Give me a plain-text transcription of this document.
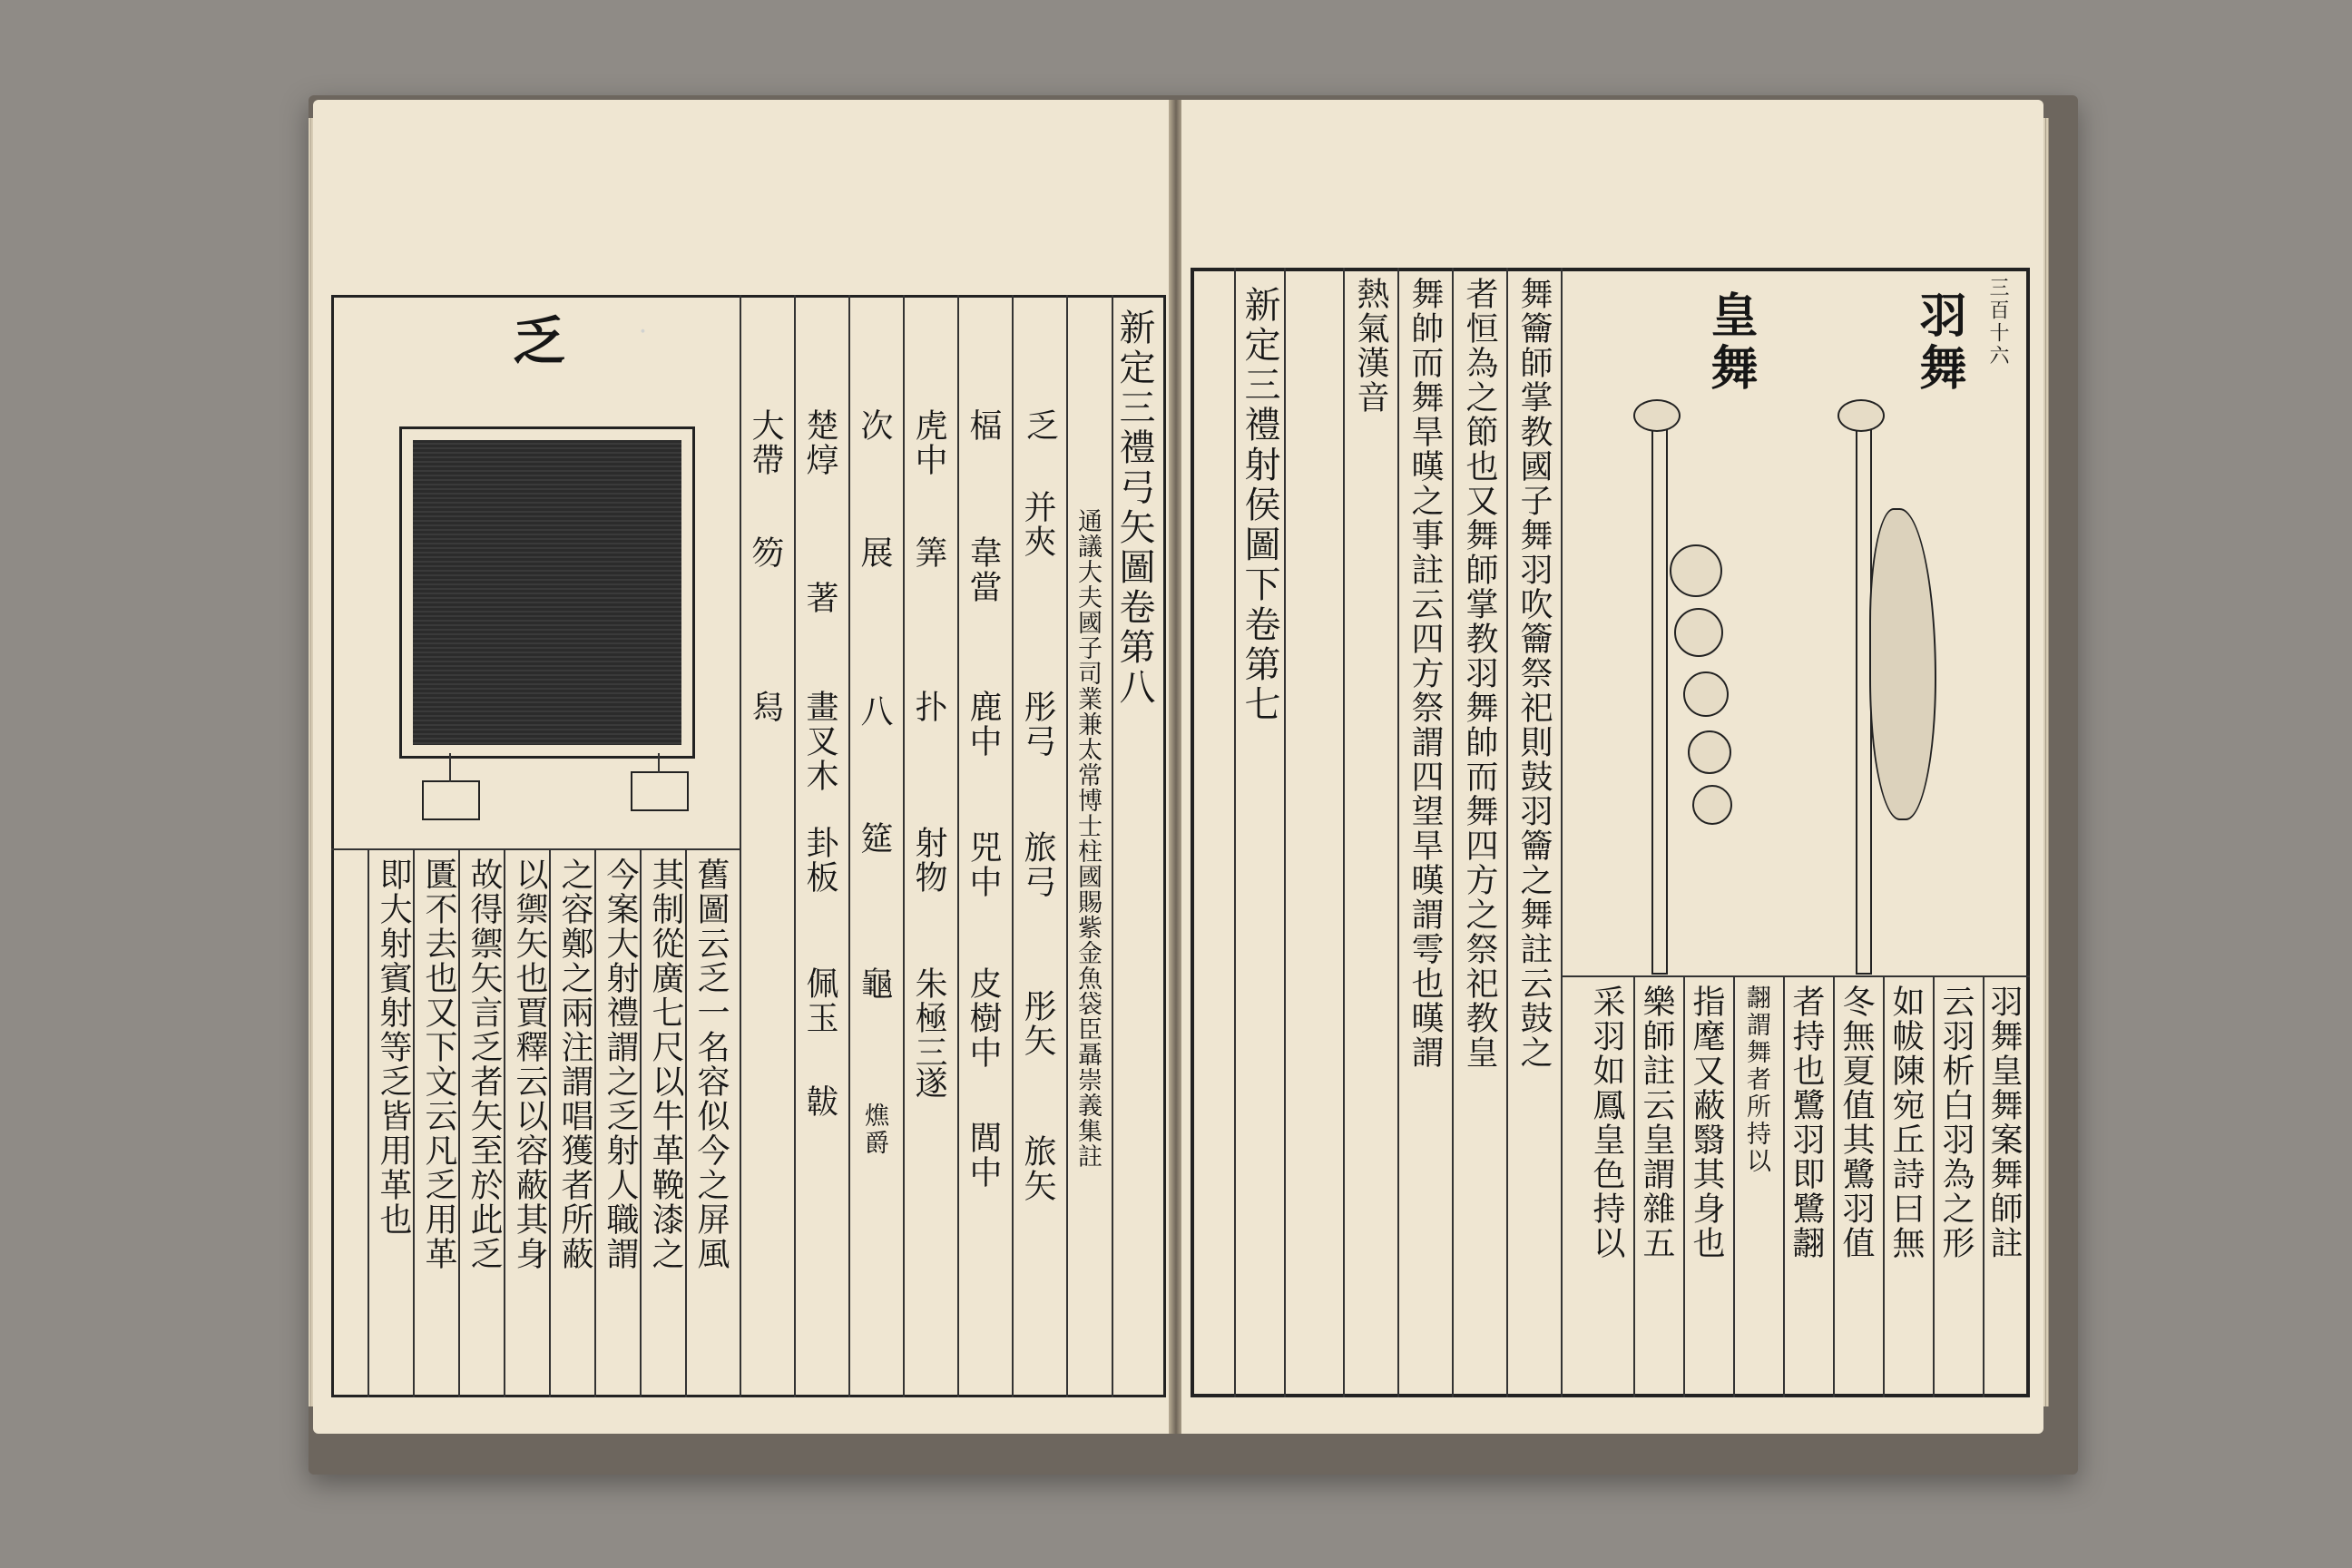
·
乏	新定三禮弓矢圖卷第八
通議大夫國子司業兼太常博士柱國賜紫金魚袋臣聶崇義集註
乏

并夾
彤弓
旅弓
彤矢
旅矢
楅
韋當
鹿中
兕中
皮樹中
閭中
虎中
筭
扑
射物
朱極三
遂
次
展
八
筵
龜
燋爵
楚焞
著
畫叉木
卦板
佩玉
韍
大帶
笏
舄
舊圖云乏一名容似今之屏風
其制從廣七尺以牛革鞔漆之
今案大射禮謂之乏射人職謂
之容鄭之兩注謂唱獲者所蔽
以禦矢也賈釋云以容蔽其身
故得禦矢言乏者矢至於此乏
匱不去也又下文云凡乏用革
即大射賓射等乏皆用革也
新定三禮射侯圖下卷第七	三百十六
舞籥師掌教國子舞羽吹籥祭祀則鼓羽籥之舞註云鼓之
者恒為之節也又舞師掌教羽舞帥而舞四方之祭祀教皇
舞帥而舞旱暵之事註云四方祭謂四望旱暵謂雩也暵謂
熱氣漢音	羽舞
皇舞
羽舞皇舞案舞師註
云羽析白羽為之形
如帗陳宛丘詩曰無
冬無夏值其鷺羽值
者持也鷺羽即鷺翿
翿謂舞者所持以
指麾又蔽翳其身也
樂師註云皇謂雜五
采羽如鳳皇色持以
